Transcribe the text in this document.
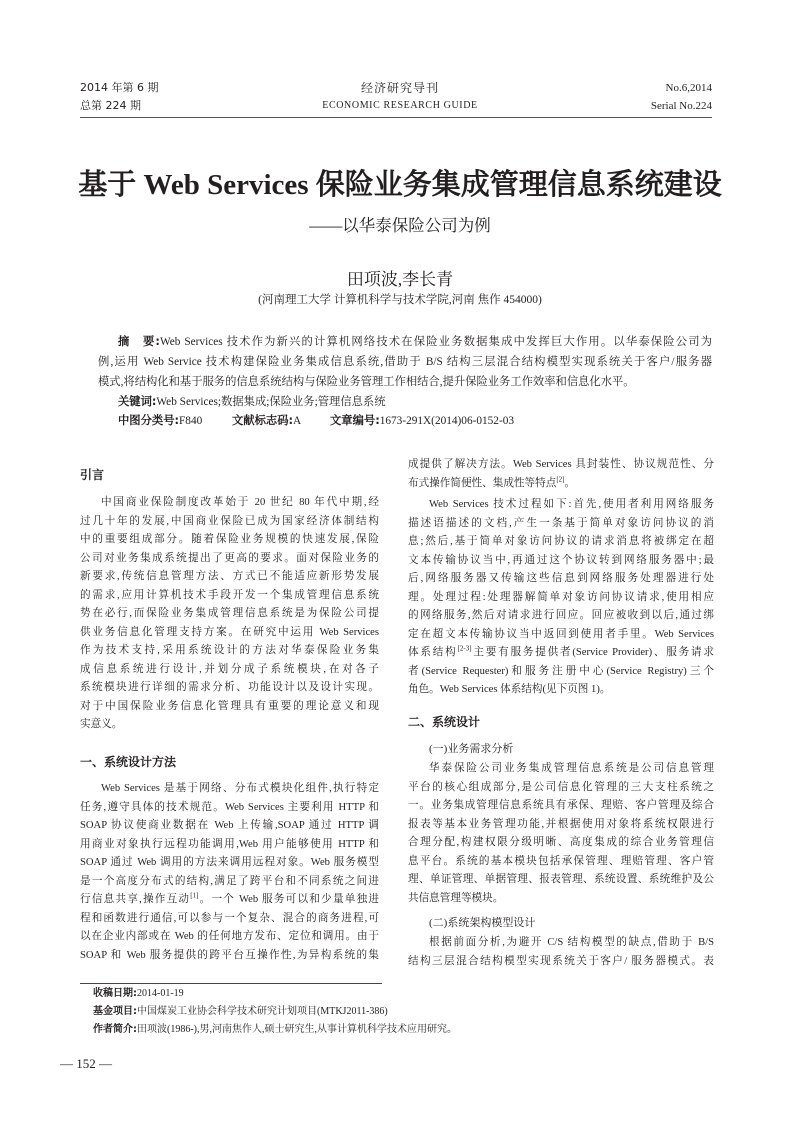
2014 年第 6 期
总第 224 期
经济研究导刊
ECONOMIC RESEARCH GUIDE
No.6,2014
Serial No.224
基于 Web Services 保险业务集成管理信息系统建设
——以华泰保险公司为例
田项波,李长青
(河南理工大学 计算机科学与技术学院,河南 焦作 454000)
摘　要:Web Services 技术作为新兴的计算机网络技术在保险业务数据集成中发挥巨大作用。以华泰保险公司为
例,运用 Web Service 技术构建保险业务集成信息系统,借助于 B/S 结构三层混合结构模型实现系统关于客户/服务器
模式,将结构化和基于服务的信息系统结构与保险业务管理工作相结合,提升保险业务工作效率和信息化水平。
关键词:Web Services;数据集成;保险业务;管理信息系统
中图分类号:F840	文献标志码:A	文章编号:1673-291X(2014)06-0152-03
引言
中国商业保险制度改革始于 20 世纪 80 年代中期,经
过几十年的发展,中国商业保险已成为国家经济体制结构
中的重要组成部分。随着保险业务规模的快速发展,保险
公司对业务集成系统提出了更高的要求。面对保险业务的
新要求,传统信息管理方法、方式已不能适应新形势发展
的需求,应用计算机技术手段开发一个集成管理信息系统
势在必行,而保险业务集成管理信息系统是为保险公司提
供业务信息化管理支持方案。在研究中运用 Web Services
作为技术支持,采用系统设计的方法对华泰保险业务集
成信息系统进行设计,并划分成子系统模块,在对各子
系统模块进行详细的需求分析、功能设计以及设计实现。
对于中国保险业务信息化管理具有重要的理论意义和现
实意义。
一、系统设计方法
Web Services 是基于网络、分布式模块化组件,执行特定
任务,遵守具体的技术规范。Web Services 主要利用 HTTP 和
SOAP 协议使商业数据在 Web 上传输,SOAP 通过 HTTP 调
用商业对象执行远程功能调用,Web 用户能够使用 HTTP 和
SOAP 通过 Web 调用的方法来调用远程对象。Web 服务模型
是一个高度分布式的结构,满足了跨平台和不同系统之间进
行信息共享,操作互动[1]。一个 Web 服务可以和少量单独进
程和函数进行通信,可以参与一个复杂、混合的商务进程,可
以在企业内部或在 Web 的任何地方发布、定位和调用。由于
SOAP 和 Web 服务提供的跨平台互操作性,为异构系统的集
成提供了解决方法。Web Services 具封装性、协议规范性、分
布式操作简便性、集成性等特点[2]。
Web Services 技术过程如下:首先,使用者利用网络服务
描述语描述的文档,产生一条基于简单对象访问协议的消
息;然后,基于简单对象访问协议的请求消息将被绑定在超
文本传输协议当中,再通过这个协议转到网络服务器中;最
后,网络服务器又传输这些信息到网络服务处理器进行处
理。处理过程:处理器解简单对象访问协议请求,使用相应
的网络服务,然后对请求进行回应。回应被收到以后,通过绑
定在超文本传输协议当中返回到使用者手里。Web Services
体系结构[2-3]主要有服务提供者(Service Provider)、服务请求
者(Service Requester)和服务注册中心(Service Registry)三个
角色。Web Services 体系结构(见下页图 1)。
二、系统设计
(一)业务需求分析
华泰保险公司业务集成管理信息系统是公司信息管理
平台的核心组成部分,是公司信息化管理的三大支柱系统之
一。业务集成管理信息系统具有承保、理赔、客户管理及综合
报表等基本业务管理功能,并根据使用对象将系统权限进行
合理分配,构建权限分级明晰、高度集成的综合业务管理信
息平台。系统的基本模块包括承保管理、理赔管理、客户管
理、单证管理、单据管理、报表管理、系统设置、系统维护及公
共信息管理等模块。
(二)系统架构模型设计
根据前面分析,为避开 C/S 结构模型的缺点,借助于 B/S
结构三层混合结构模型实现系统关于客户/ 服务器模式。表
收稿日期:2014-01-19
基金项目:中国煤炭工业协会科学技术研究计划项目(MTKJ2011-386)
作者简介:田项波(1986-),男,河南焦作人,硕士研究生,从事计算机科学技术应用研究。
— 152 —
